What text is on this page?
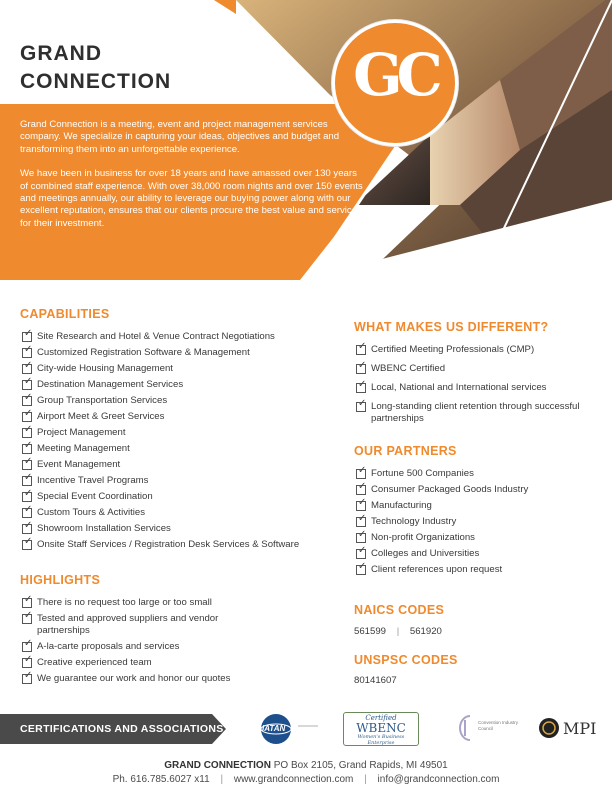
GRAND
CONNECTION	GC

Grand Connection is a meeting, event and project management services company. We specialize in capturing your ideas, objectives and budget and transforming them into an unforgettable experience.

We have been in business for over 18 years and have amassed over 130 years of combined staff experience. With over 38,000 room nights and over 150 events and meetings annually, our ability to leverage our buying power along with our excellent reputation, ensures that our clients procure the best value and service for their investment.

CAPABILITIES
✓
Site Research and Hotel & Venue Contract Negotiations
✓
Customized Registration Software & Management
✓
City-wide Housing Management
✓
Destination Management Services
✓
Group Transportation Services
✓
Airport Meet & Greet Services
✓
Project Management
✓
Meeting Management
✓
Event Management
✓
Incentive Travel Programs
✓
Special Event Coordination
✓
Custom Tours & Activities
✓
Showroom Installation Services
✓
Onsite Staff Services / Registration Desk Services & Software
HIGHLIGHTS
✓
There is no request too large or too small
✓
Tested and approved suppliers and vendor partnerships
✓
A-la-carte proposals and services
✓
Creative experienced team
✓
We guarantee our work and honor our quotes
WHAT MAKES US DIFFERENT?
✓
Certified Meeting Professionals (CMP)
✓
WBENC Certified
✓
Local, National and International services
✓
Long-standing client retention through successful partnerships
OUR PARTNERS
✓
Fortune 500 Companies
✓
Consumer Packaged Goods Industry
✓
Manufacturing
✓
Technology Industry
✓
Non-profit Organizations
✓
Colleges and Universities
✓
Client references upon request
NAICS CODES
561599 | 561920
UNSPSC CODES
80141607
CERTIFICATIONS AND ASSOCIATIONS	IATAN
Certified
WBENC
Women's Business Enterprise
Convention Industry Council	MPI
GRAND CONNECTION PO Box 2105, Grand Rapids, MI 49501
Ph. 616.785.6027 x11 | www.grandconnection.com | info@grandconnection.com
